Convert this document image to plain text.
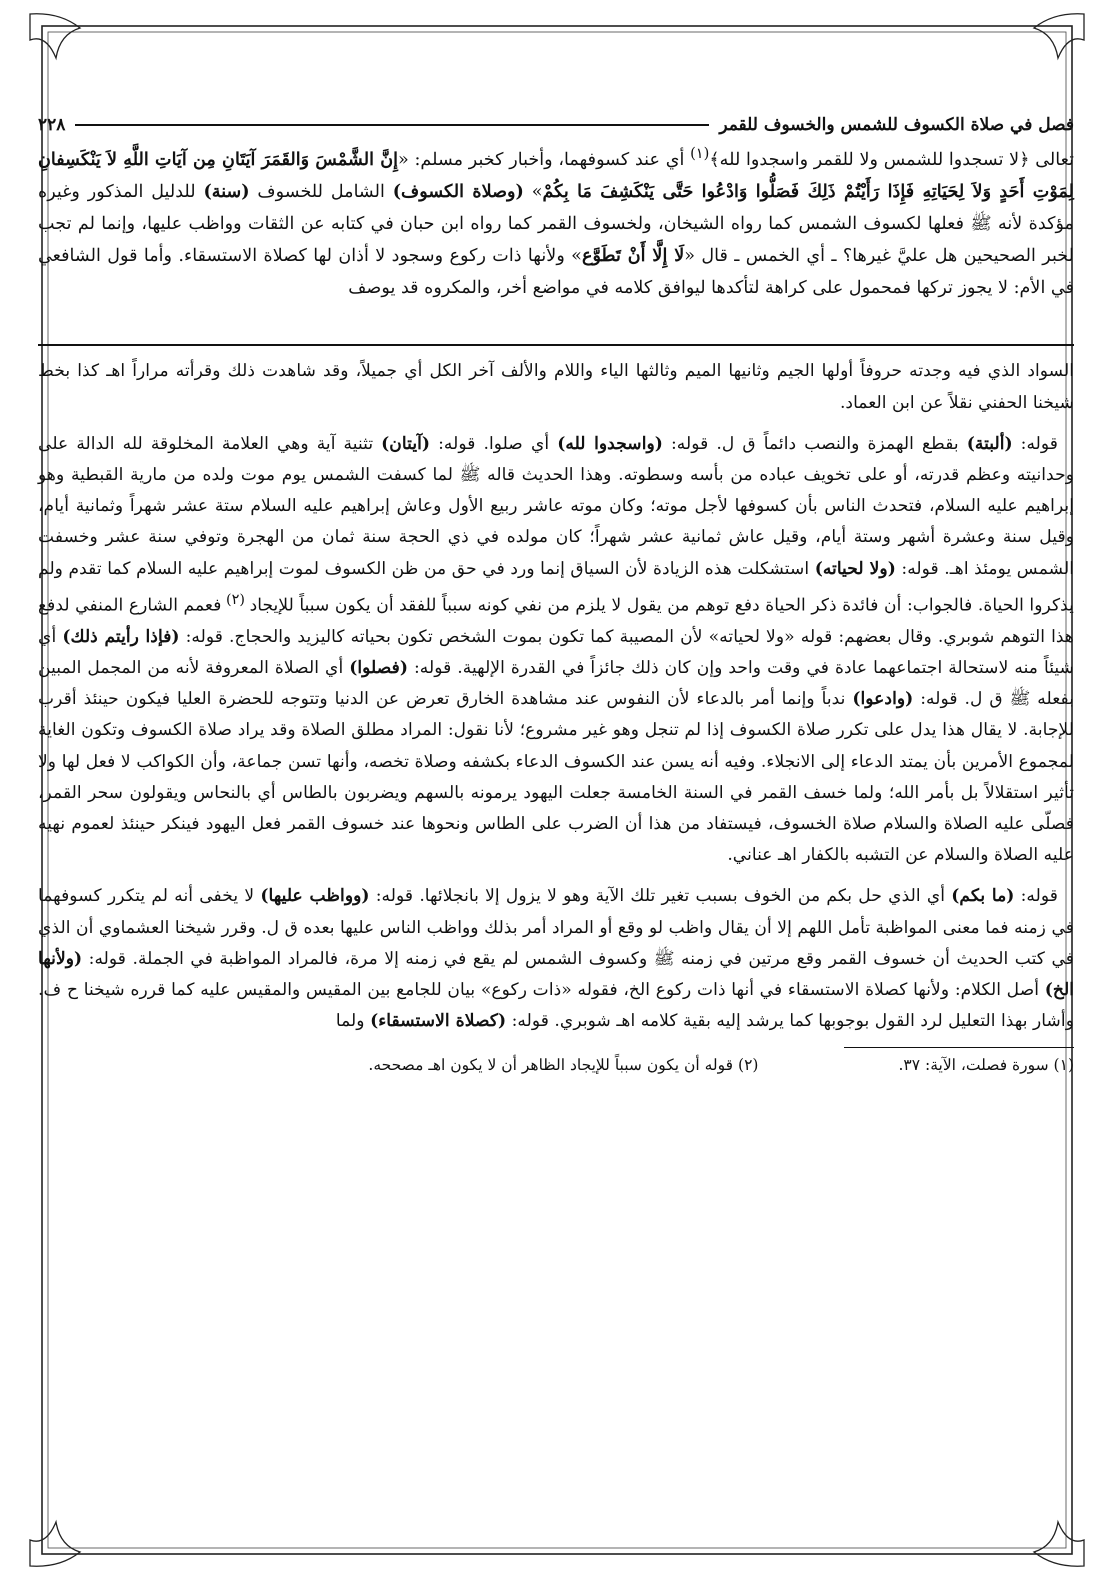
فصل في صلاة الكسوف للشمس والخسوف للقمر
٢٢٨

تعالى ﴿لا تسجدوا للشمس ولا للقمر واسجدوا لله﴾$^{(١)}$ أي عند كسوفهما، وأخبار كخبر مسلم: «إِنَّ الشَّمْسَ وَالقَمَرَ آيَتَانِ مِن آيَاتِ اللَّهِ لاَ يَنْكَسِفانِ لِمَوْتِ أَحَدٍ وَلاَ لِحَيَاتِهِ فَإِذَا رَأَيْتُمْ ذَلِكَ فَصَلُّوا وَادْعُوا حَتَّى يَنْكَشِفَ مَا بِكُمْ» (وصلاة الكسوف) الشامل للخسوف (سنة) للدليل المذكور وغيره مؤكدة لأنه ﷺ فعلها لكسوف الشمس كما رواه الشيخان، ولخسوف القمر كما رواه ابن حبان في كتابه عن الثقات وواظب عليها، وإنما لم تجب لخبر الصحيحين هل عليَّ غيرها؟ ـ أي الخمس ـ قال «لَا إِلَّا أَنْ تَطَوَّع» ولأنها ذات ركوع وسجود لا أذان لها كصلاة الاستسقاء. وأما قول الشافعي في الأم: لا يجوز تركها فمحمول على كراهة لتأكدها ليوافق كلامه في مواضع أخر، والمكروه قد يوصف

السواد الذي فيه وجدته حروفاً أولها الجيم وثانيها الميم وثالثها الياء واللام والألف آخر الكل أي جميلاً، وقد شاهدت ذلك وقرأته مراراً اهـ كذا بخط شيخنا الحفني نقلاً عن ابن العماد.

قوله: (ألبتة) بقطع الهمزة والنصب دائماً ق ل. قوله: (واسجدوا لله) أي صلوا. قوله: (آيتان) تثنية آية وهي العلامة المخلوقة لله الدالة على وحدانيته وعظم قدرته، أو على تخويف عباده من بأسه وسطوته. وهذا الحديث قاله ﷺ لما كسفت الشمس يوم موت ولده من مارية القبطية وهو إبراهيم عليه السلام، فتحدث الناس بأن كسوفها لأجل موته؛ وكان موته عاشر ربيع الأول وعاش إبراهيم عليه السلام ستة عشر شهراً وثمانية أيام، وقيل سنة وعشرة أشهر وستة أيام، وقيل عاش ثمانية عشر شهراً؛ كان مولده في ذي الحجة سنة ثمان من الهجرة وتوفي سنة عشر وخسفت الشمس يومئذ اهـ. قوله: (ولا لحياته) استشكلت هذه الزيادة لأن السياق إنما ورد في حق من ظن الكسوف لموت إبراهيم عليه السلام كما تقدم ولم يذكروا الحياة. فالجواب: أن فائدة ذكر الحياة دفع توهم من يقول لا يلزم من نفي كونه سبباً للفقد أن يكون سبباً للإيجاد $^{(٢)}$ فعمم الشارع المنفي لدفع هذا التوهم شوبري. وقال بعضهم: قوله «ولا لحياته» لأن المصيبة كما تكون بموت الشخص تكون بحياته كاليزيد والحجاج. قوله: (فإذا رأيتم ذلك) أي شيئاً منه لاستحالة اجتماعهما عادة في وقت واحد وإن كان ذلك جائزاً في القدرة الإلهية. قوله: (فصلوا) أي الصلاة المعروفة لأنه من المجمل المبين بفعله ﷺ ق ل. قوله: (وادعوا) ندباً وإنما أمر بالدعاء لأن النفوس عند مشاهدة الخارق تعرض عن الدنيا وتتوجه للحضرة العليا فيكون حينئذ أقرب للإجابة. لا يقال هذا يدل على تكرر صلاة الكسوف إذا لم تنجل وهو غير مشروع؛ لأنا نقول: المراد مطلق الصلاة وقد يراد صلاة الكسوف وتكون الغاية لمجموع الأمرين بأن يمتد الدعاء إلى الانجلاء. وفيه أنه يسن عند الكسوف الدعاء بكشفه وصلاة تخصه، وأنها تسن جماعة، وأن الكواكب لا فعل لها ولا تأثير استقلالاً بل بأمر الله؛ ولما خسف القمر في السنة الخامسة جعلت اليهود يرمونه بالسهم ويضربون بالطاس أي بالنحاس ويقولون سحر القمر، فصلّى عليه الصلاة والسلام صلاة الخسوف، فيستفاد من هذا أن الضرب على الطاس ونحوها عند خسوف القمر فعل اليهود فينكر حينئذ لعموم نهيه عليه الصلاة والسلام عن التشبه بالكفار اهـ عناني.

قوله: (ما بكم) أي الذي حل بكم من الخوف بسبب تغير تلك الآية وهو لا يزول إلا بانجلائها. قوله: (وواظب عليها) لا يخفى أنه لم يتكرر كسوفهما في زمنه فما معنى المواظبة تأمل اللهم إلا أن يقال واظب لو وقع أو المراد أمر بذلك وواظب الناس عليها بعده ق ل. وقرر شيخنا العشماوي أن الذي في كتب الحديث أن خسوف القمر وقع مرتين في زمنه ﷺ وكسوف الشمس لم يقع في زمنه إلا مرة، فالمراد المواظبة في الجملة. قوله: (ولأنها الخ) أصل الكلام: ولأنها كصلاة الاستسقاء في أنها ذات ركوع الخ، فقوله «ذات ركوع» بيان للجامع بين المقيس والمقيس عليه كما قرره شيخنا ح ف. وأشار بهذا التعليل لرد القول بوجوبها كما يرشد إليه بقية كلامه اهـ شوبري. قوله: (كصلاة الاستسقاء) ولما

(١) سورة فصلت، الآية: ٣٧.
(٢) قوله أن يكون سبباً للإيجاد الظاهر أن لا يكون اهـ مصححه.
